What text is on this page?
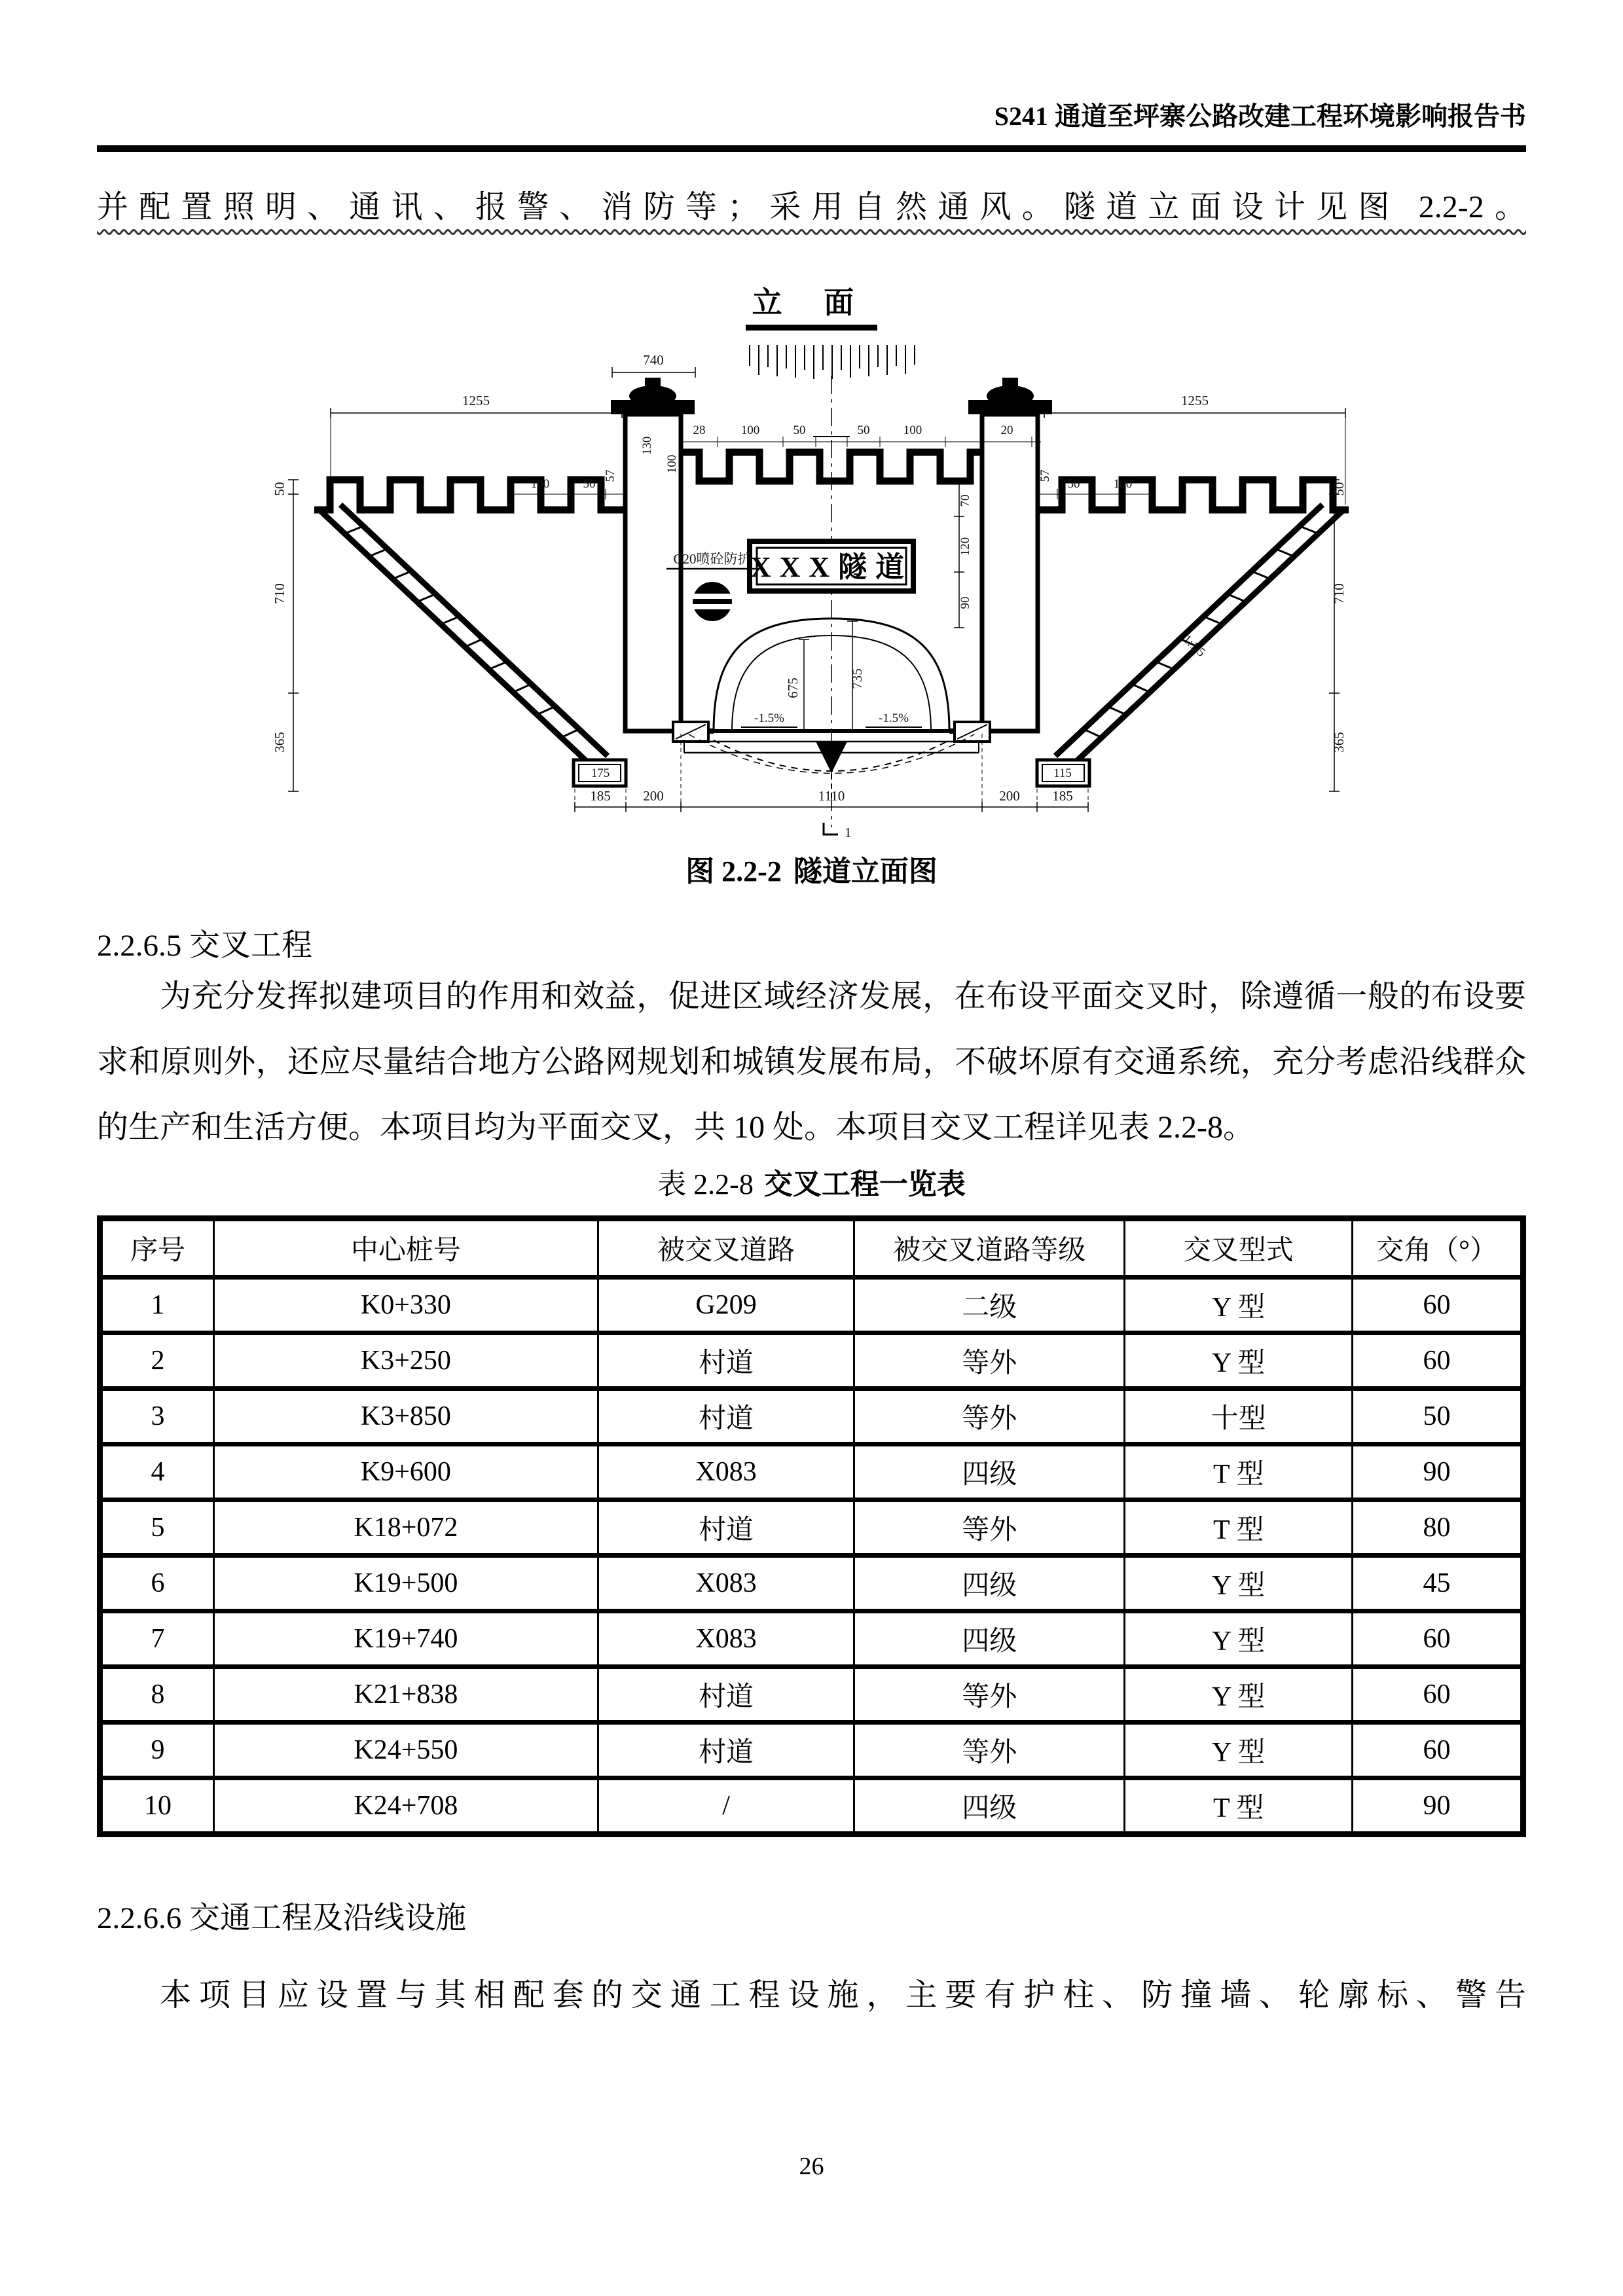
S241 通道至坪寨公路改建工程环境影响报告书

并配置照明、通讯、报警、消防等；采用自然通风。隧道立面设计见图 2.2-2。

立 面
XXX隧道
C20喷砼防护
1255	1255
740
28	100	50	50	100	20
100	50
57	57
50	100
130
100
70
120
90
675	735
-1.5%	-1.5%
50
710
365
50
710
365
175	115
185 200	1110	200 185
1:1.5
1
图 2.2-2 隧道立面图
2.2.6.5 交叉工程

为充分发挥拟建项目的作用和效益，促进区域经济发展，在布设平面交叉时，除遵循一般的布设要求和原则外，还应尽量结合地方公路网规划和城镇发展布局，不破坏原有交通系统，充分考虑沿线群众的生产和生活方便。本项目均为平面交叉，共 10 处。本项目交叉工程详见表 2.2-8。

表 2.2-8 交叉工程一览表
序号	中心桩号	被交叉道路	被交叉道路等级	交叉型式	交角（°）
1	K0+330	G209	二级	Y 型	60
2	K3+250	村道	等外	Y 型	60
3	K3+850	村道	等外	十型	50
4	K9+600	X083	四级	T 型	90
5	K18+072	村道	等外	T 型	80
6	K19+500	X083	四级	Y 型	45
7	K19+740	X083	四级	Y 型	60
8	K21+838	村道	等外	Y 型	60
9	K24+550	村道	等外	Y 型	60
10	K24+708	/	四级	T 型	90
2.2.6.6 交通工程及沿线设施

本项目应设置与其相配套的交通工程设施，主要有护柱、防撞墙、轮廓标、警告

26
